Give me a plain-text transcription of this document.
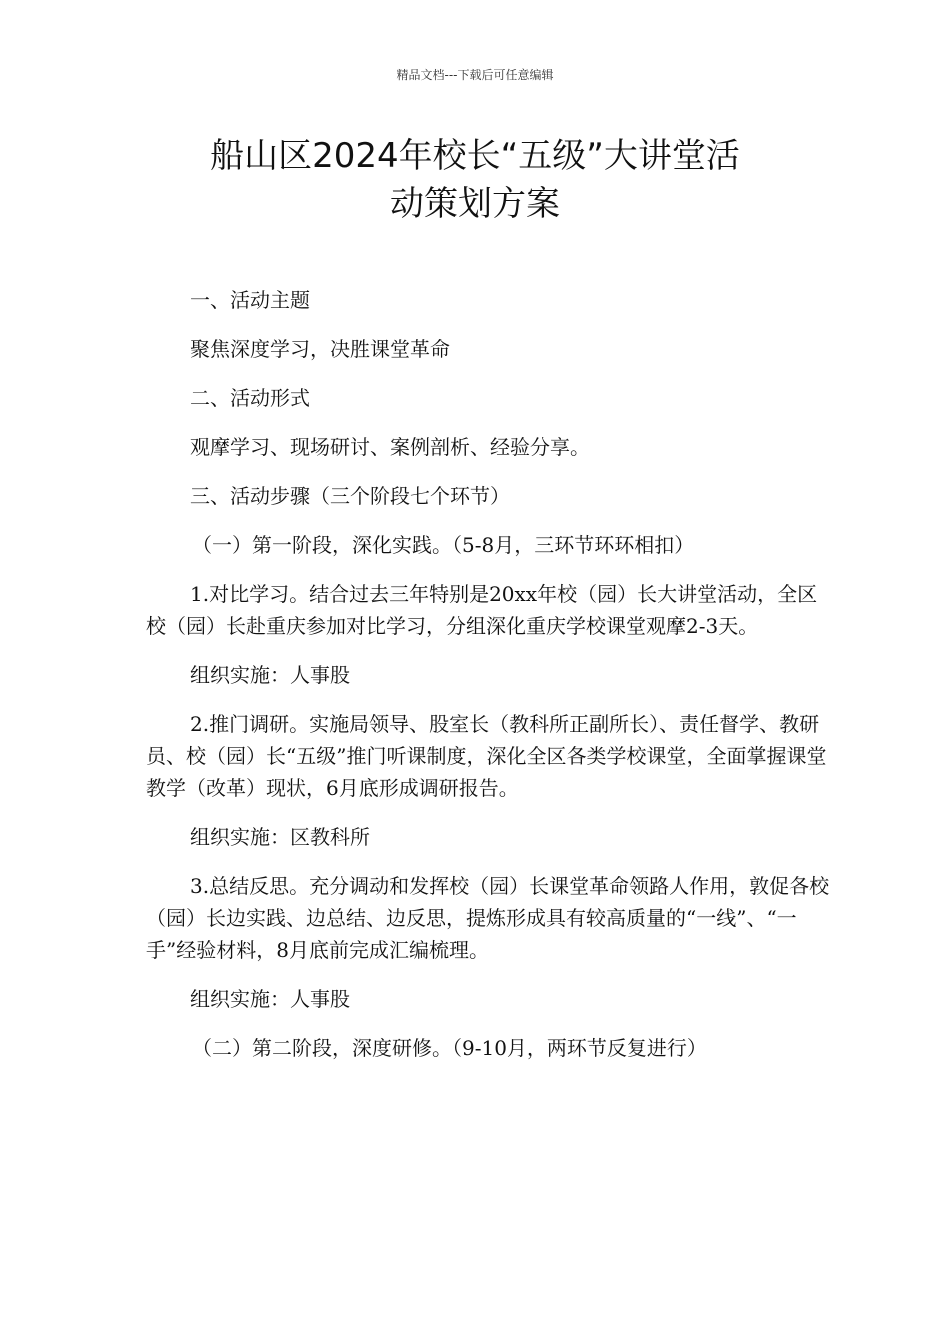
精品文档---下载后可任意编辑
船山区2024年校长“五级”大讲堂活
动策划方案

一、活动主题

聚焦深度学习，决胜课堂革命

二、活动形式

观摩学习、现场研讨、案例剖析、经验分享。

三、活动步骤（三个阶段七个环节）

（一）第一阶段，深化实践。（5-8月，三环节环环相扣）

1.对比学习。结合过去三年特别是20xx年校（园）长大讲堂活动，全区校（园）长赴重庆参加对比学习，分组深化重庆学校课堂观摩2-3天。

组织实施：人事股

2.推门调研。实施局领导、股室长（教科所正副所长）、责任督学、教研员、校（园）长“五级”推门听课制度，深化全区各类学校课堂，全面掌握课堂教学（改革）现状，6月底形成调研报告。

组织实施：区教科所

3.总结反思。充分调动和发挥校（园）长课堂革命领路人作用，敦促各校（园）长边实践、边总结、边反思，提炼形成具有较高质量的“一线”、“一手”经验材料，8月底前完成汇编梳理。

组织实施：人事股

（二）第二阶段，深度研修。（9-10月，两环节反复进行）
